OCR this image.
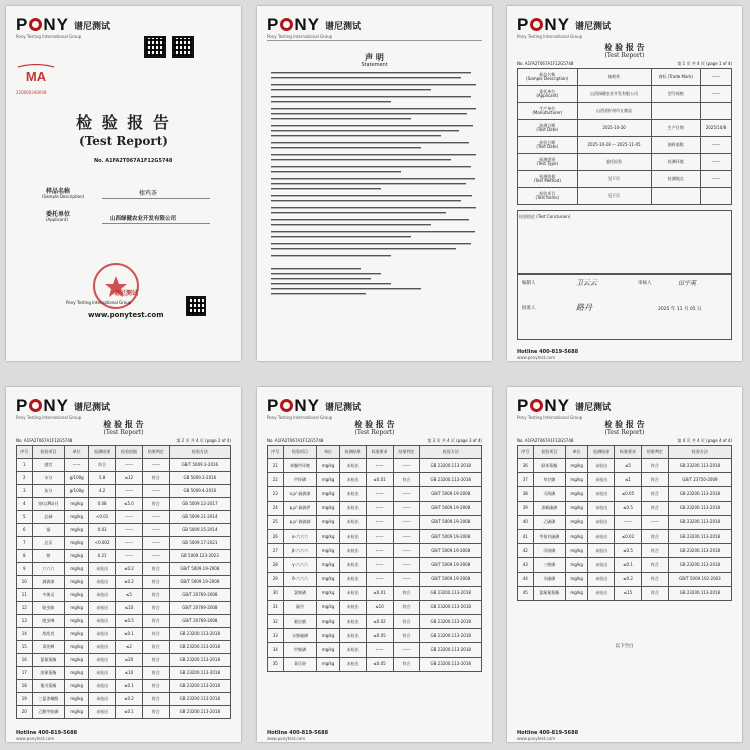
P NY 谱尼测试
Pony Testing International Group
MA
220000340008
检 验 报 告
(Test Report)
No. A1FA2T067A1F12G5748
样品名称
(Sample Description)	榛鸡茶
委托单位
(Applicant)	山西绿健农业开发有限公司
谱尼测试
Pony Testing International Group
www.ponytest.com
P NY 谱尼测试
Pony Testing International Group
声 明
Statement
P NY 谱尼测试
Pony Testing International Group
检 验 报 告
(Test Report)
No. A1FA2T067A1F12G5748	第 1 页 共 4 页 (page 1 of 4)
样品名称
(Sample Description)	榛鸡茶	商标 (Trade Mark)	——
委托单位
(Applicant)	山西绿健农业开发有限公司	型号规格	——
生产单位
(Manufacturer)	山西省忻州市五寨县		
检测日期
(Test Date)	2025-10-20	生产日期	2025/10/8
检验日期
(Test Date)	2025-10-28 — 2025-11-05	抽样基数	——
检测类别
(Test Type)	委托检验	检测环境	——
检测依据
(Test Method)	见下页	检测地点	——
检验项目
(Test Items)	见下页		
检验结论 (Test Conclusion)
编制人	卫云云	审核人	田宁英
批准人	路丹	2025 年 11 月 05 日
Hotline 400-819-5688
www.ponytest.com
P NY 谱尼测试
Pony Testing International Group
检 验 报 告
(Test Report)
No. A1FA2T067A1F12G5748	第 2 页 共 4 页 (page 2 of 4)
序号	检验项目	单位	检测结果	检验依据	结果判定	检验方法
1	感官	——	符合	——	——	GB/T 5009.3-2016
2	水分	g/100g	5.8	≤12	符合	GB 5009.3-2016
3	灰分	g/100g	4.2	——	——	GB 5009.4-2016
4	铅(以Pb计)	mg/kg	0.08	≤5.0	符合	GB 5009.12-2017
5	总砷	mg/kg	<0.01	——	——	GB 5009.11-2014
6	镉	mg/kg	0.03	——	——	GB 5009.15-2014
7	总汞	mg/kg	<0.002	——	——	GB 5009.17-2021
8	铬	mg/kg	0.21	——	——	GB 5009.123-2023
9	六六六	mg/kg	未检出	≤0.2	符合	GB/T 5009.19-2008
10	滴滴涕	mg/kg	未检出	≤0.2	符合	GB/T 5009.19-2008
11	多菌灵	mg/kg	未检出	≤5	符合	GB/T 20769-2008
12	啶虫脒	mg/kg	未检出	≤10	符合	GB/T 20769-2008
13	吡虫啉	mg/kg	未检出	≤0.5	符合	GB/T 20769-2008
14	敌敌畏	mg/kg	未检出	≤0.1	符合	GB 23200.113-2018
15	毒死蜱	mg/kg	未检出	≤2	符合	GB 23200.113-2018
16	氯氰菊酯	mg/kg	未检出	≤20	符合	GB 23200.113-2018
17	溴氰菊酯	mg/kg	未检出	≤10	符合	GB 23200.113-2018
18	氰戊菊酯	mg/kg	未检出	≤0.1	符合	GB 23200.113-2018
19	三氯杀螨醇	mg/kg	未检出	≤0.2	符合	GB 23200.113-2018
20	乙酰甲胺磷	mg/kg	未检出	≤0.1	符合	GB 23200.113-2018
Hotline 400-819-5688
www.ponytest.com
P NY 谱尼测试
Pony Testing International Group
检 验 报 告
(Test Report)
No. A1FA2T067A1F12G5748	第 3 页 共 4 页 (page 3 of 4)
序号	检验项目	单位	检测结果	标准要求	结果判定	检验方法
21	苯醚甲环唑	mg/kg	未检出	——	——	GB 23200.113-2018
22	甲拌磷	mg/kg	未检出	≤0.01	符合	GB 23200.113-2018
23	o,p'-滴滴涕	mg/kg	未检出	——	——	GB/T 5009.19-2008
24	p,p'-滴滴伊	mg/kg	未检出	——	——	GB/T 5009.19-2008
25	p,p'-滴滴滴	mg/kg	未检出	——	——	GB/T 5009.19-2008
26	α-六六六	mg/kg	未检出	——	——	GB/T 5009.19-2008
27	β-六六六	mg/kg	未检出	——	——	GB/T 5009.19-2008
28	γ-六六六	mg/kg	未检出	——	——	GB/T 5009.19-2008
29	δ-六六六	mg/kg	未检出	——	——	GB/T 5009.19-2008
30	氯唑磷	mg/kg	未检出	≤0.01	符合	GB 23200.113-2018
31	硫丹	mg/kg	未检出	≤10	符合	GB 23200.113-2018
32	氟虫腈	mg/kg	未检出	≤0.02	符合	GB 23200.113-2018
33	水胺硫磷	mg/kg	未检出	≤0.05	符合	GB 23200.113-2018
34	甲胺磷	mg/kg	未检出	——	——	GB 23200.113-2018
35	氧乐果	mg/kg	未检出	≤0.05	符合	GB 23200.113-2018
Hotline 400-819-5688
www.ponytest.com
P NY 谱尼测试
Pony Testing International Group
检 验 报 告
(Test Report)
No. A1FA2T067A1F12G5748	第 4 页 共 4 页 (page 4 of 4)
序号	检验项目	单位	检测结果	标准要求	结果判定	检验方法
36	联苯菊酯	mg/kg	未检出	≤5	符合	GB 23200.113-2018
37	草甘膦	mg/kg	未检出	≤1	符合	GB/T 23750-2009
38	灭线磷	mg/kg	未检出	≤0.05	符合	GB 23200.113-2018
39	杀螟硫磷	mg/kg	未检出	≤0.5	符合	GB 23200.113-2018
40	乙硫磷	mg/kg	未检出	——	——	GB 23200.113-2018
41	甲基对硫磷	mg/kg	未检出	≤0.02	符合	GB 23200.113-2018
42	丙溴磷	mg/kg	未检出	≤0.5	符合	GB 23200.113-2018
43	三唑磷	mg/kg	未检出	≤0.1	符合	GB 23200.113-2018
44	辛硫磷	mg/kg	未检出	≤0.2	符合	GB/T 5009.102-2003
45	氯氟氰菊酯	mg/kg	未检出	≤15	符合	GB 23200.113-2018
以下空白
Hotline 400-819-5688
www.ponytest.com
